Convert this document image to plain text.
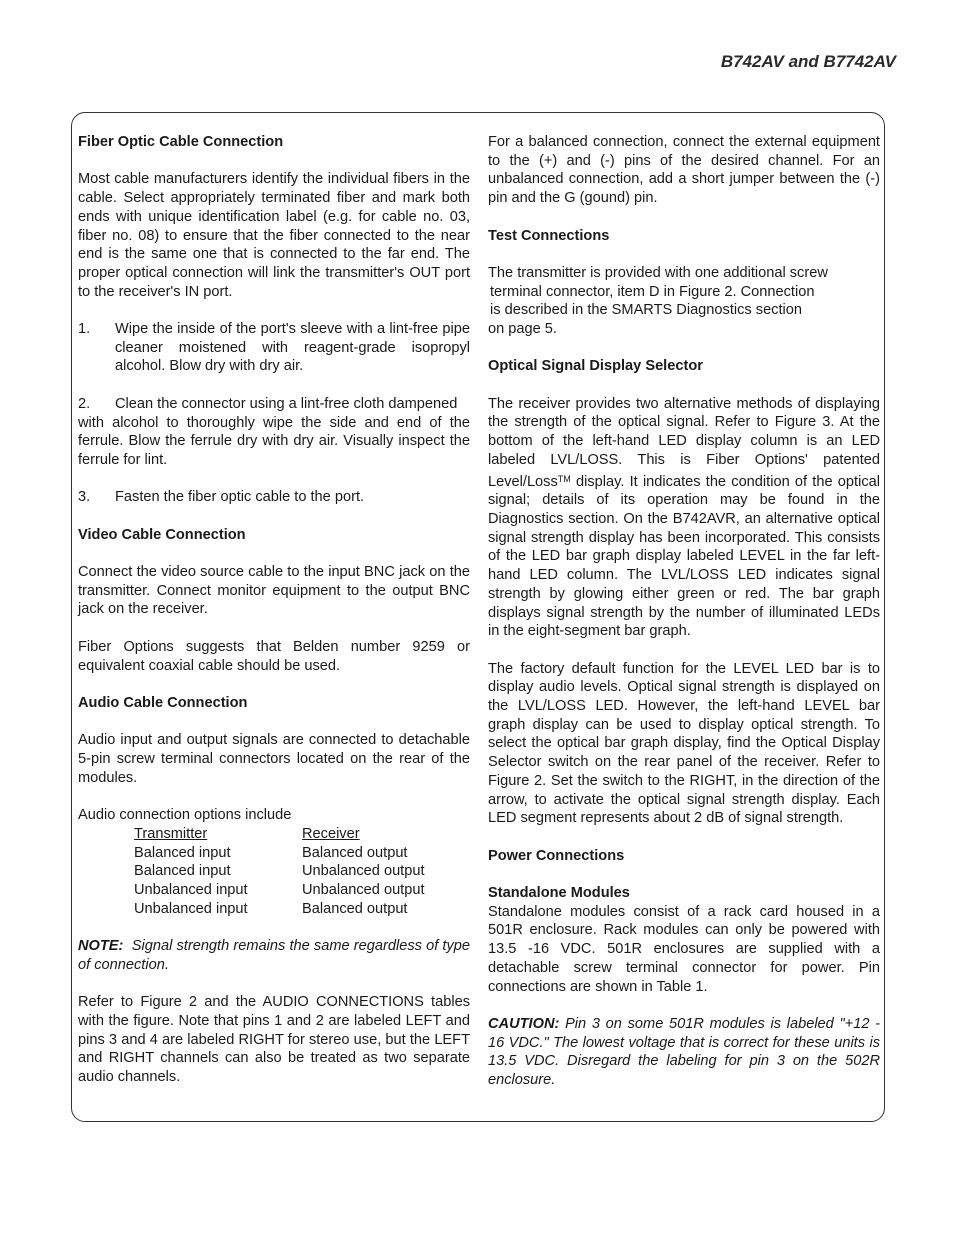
B742AV and B7742AV
Fiber Optic Cable Connection

Most cable manufacturers identify the individual fibers in the cable. Select appropriately terminated fiber and mark both ends with unique identification label (e.g. for cable no. 03, fiber no. 08) to ensure that the fiber connected to the near end is the same one that is connected to the far end. The proper optical connection will link the transmitter's OUT port to the receiver's IN port.

1.	Wipe the inside of the port's sleeve with a lint-free pipe cleaner moistened with reagent-grade isopropyl alcohol. Blow dry with dry air.
2.	Clean the connector using a lint-free cloth dampened

with alcohol to thoroughly wipe the side and end of the ferrule. Blow the ferrule dry with dry air. Visually inspect the ferrule for lint.

3.	Fasten the fiber optic cable to the port.
Video Cable Connection

Connect the video source cable to the input BNC jack on the transmitter. Connect monitor equipment to the output BNC jack on the receiver.

Fiber Options suggests that Belden number 9259 or equivalent coaxial cable should be used.

Audio Cable Connection

Audio input and output signals are connected to detachable 5-pin screw terminal connectors located on the rear of the modules.

Audio connection options include
Transmitter	Receiver
Balanced input	Balanced output
Balanced input	Unbalanced output
Unbalanced input	Unbalanced output
Unbalanced input	Balanced output

NOTE: Signal strength remains the same regardless of type of connection.

Refer to Figure 2 and the AUDIO CONNECTIONS tables with the figure. Note that pins 1 and 2 are labeled LEFT and pins 3 and 4 are labeled RIGHT for stereo use, but the LEFT and RIGHT channels can also be treated as two separate audio channels.

For a balanced connection, connect the external equipment to the (+) and (-) pins of the desired channel. For an unbalanced connection, add a short jumper between the (-) pin and the G (gound) pin.

Test Connections
The transmitter is provided with one additional screw
terminal connector, item D in Figure 2. Connection
is described in the SMARTS Diagnostics section
on page 5.
Optical Signal Display Selector

The receiver provides two alternative methods of displaying the strength of the optical signal. Refer to Figure 3. At the bottom of the left-hand LED display column is an LED labeled LVL/LOSS. This is Fiber Options' patented Level/Loss™ display. It indicates the condition of the optical signal; details of its operation may be found in the Diagnostics section. On the B742AVR, an alternative optical signal strength display has been incorporated. This consists of the LED bar graph display labeled LEVEL in the far left-hand LED column. The LVL/LOSS LED indicates signal strength by glowing either green or red. The bar graph displays signal strength by the number of illuminated LEDs in the eight-segment bar graph.

The factory default function for the LEVEL LED bar is to display audio levels. Optical signal strength is displayed on the LVL/LOSS LED. However, the left-hand LEVEL bar graph display can be used to display optical strength. To select the optical bar graph display, find the Optical Display Selector switch on the rear panel of the receiver. Refer to Figure 2. Set the switch to the RIGHT, in the direction of the arrow, to activate the optical signal strength display. Each LED segment represents about 2 dB of signal strength.

Power Connections
Standalone Modules

Standalone modules consist of a rack card housed in a 501R enclosure. Rack modules can only be powered with 13.5 -16 VDC. 501R enclosures are supplied with a detachable screw terminal connector for power. Pin connections are shown in Table 1.

CAUTION: Pin 3 on some 501R modules is labeled "+12 - 16 VDC." The lowest voltage that is correct for these units is 13.5 VDC. Disregard the labeling for pin 3 on the 502R enclosure.
